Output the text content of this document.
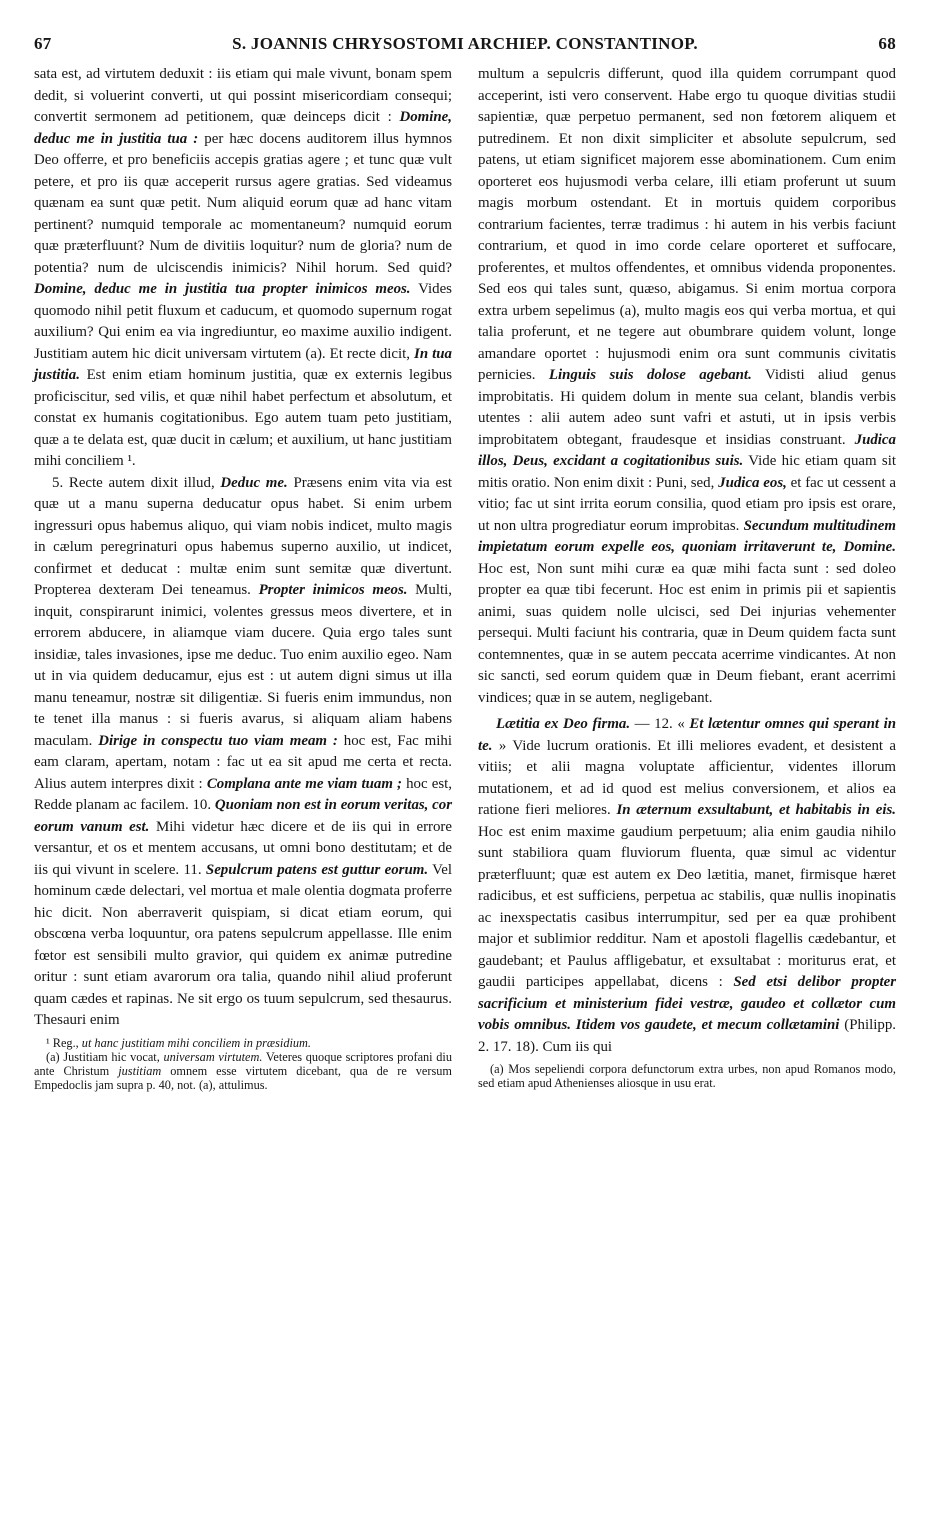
S. JOANNIS CHRYSOSTOMI ARCHIEP. CONSTANTINOP.
67	68

sata est, ad virtutem deduxit : iis etiam qui male vivunt, bonam spem dedit, si voluerint converti, ut qui possint misericordiam consequi; convertit sermonem ad petitionem, quæ deinceps dicit : Domine, deduc me in justitia tua : per hæc docens auditorem illus hymnos Deo offerre, et pro beneficiis accepis gratias agere ; et tunc quæ vult petere, et pro iis quæ acceperit rursus agere gratias. Sed videamus quænam ea sunt quæ petit. Num aliquid eorum quæ ad hanc vitam pertinent? numquid temporale ac momentaneum? numquid eorum quæ præterfluunt? Num de divitiis loquitur? num de gloria? num de potentia? num de ulciscendis inimicis? Nihil horum. Sed quid? Domine, deduc me in justitia tua propter inimicos meos. Vides quomodo nihil petit fluxum et caducum, et quomodo supernum rogat auxilium? Qui enim ea via ingrediuntur, eo maxime auxilio indigent. Justitiam autem hic dicit universam virtutem (a). Et recte dicit, In tua justitia. Est enim etiam hominum justitia, quæ ex externis legibus proficiscitur, sed vilis, et quæ nihil habet perfectum et absolutum, et constat ex humanis cogitationibus. Ego autem tuam peto justitiam, quæ a te delata est, quæ ducit in cælum; et auxilium, ut hanc justitiam mihi conciliem ¹.

5. Recte autem dixit illud, Deduc me. Præsens enim vita via est quæ ut a manu superna deducatur opus habet. Si enim urbem ingressuri opus habemus aliquo, qui viam nobis indicet, multo magis in cælum peregrinaturi opus habemus superno auxilio, ut indicet, confirmet et deducat : multæ enim sunt semitæ quæ divertunt. Propterea dexteram Dei teneamus. Propter inimicos meos. Multi, inquit, conspirarunt inimici, volentes gressus meos divertere, et in errorem abducere, in aliamque viam ducere. Quia ergo tales sunt insidiæ, tales invasiones, ipse me deduc. Tuo enim auxilio egeo. Nam ut in via quidem deducamur, ejus est : ut autem digni simus ut illa manu teneamur, nostræ sit diligentiæ. Si fueris enim immundus, non te tenet illa manus : si fueris avarus, si aliquam aliam habens maculam. Dirige in conspectu tuo viam meam : hoc est, Fac mihi eam claram, apertam, notam : fac ut ea sit apud me certa et recta. Alius autem interpres dixit : Complana ante me viam tuam ; hoc est, Redde planam ac facilem. 10. Quoniam non est in eorum veritas, cor eorum vanum est. Mihi videtur hæc dicere et de iis qui in errore versantur, et os et mentem accusans, ut omni bono destitutam; et de iis qui vivunt in scelere. 11. Sepulcrum patens est guttur eorum. Vel hominum cæde delectari, vel mortua et male olentia dogmata proferre hic dicit. Non aberraverit quispiam, si dicat etiam eorum, qui obscœna verba loquuntur, ora patens sepulcrum appellasse. Ille enim fœtor est sensibili multo gravior, qui quidem ex animæ putredine oritur : sunt etiam avarorum ora talia, quando nihil aliud proferunt quam cædes et rapinas. Ne sit ergo os tuum sepulcrum, sed thesaurus. Thesauri enim

¹ Reg., ut hanc justitiam mihi conciliem in præsidium.

(a) Justitiam hic vocat, universam virtutem. Veteres quoque scriptores profani diu ante Christum justitiam omnem esse virtutem dicebant, qua de re versum Empedoclis jam supra p. 40, not. (a), attulimus.

multum a sepulcris differunt, quod illa quidem corrumpant quod acceperint, isti vero conservent. Habe ergo tu quoque divitias studii sapientiæ, quæ perpetuo permanent, sed non fœtorem aliquem et putredinem. Et non dixit simpliciter et absolute sepulcrum, sed patens, ut etiam significet majorem esse abominationem. Cum enim oporteret eos hujusmodi verba celare, illi etiam proferunt ut suum magis morbum ostendant. Et in mortuis quidem corporibus contrarium facientes, terræ tradimus : hi autem in his verbis faciunt contrarium, et quod in imo corde celare oporteret et suffocare, proferentes, et multos offendentes, et omnibus videnda proponentes. Sed eos qui tales sunt, quæso, abigamus. Si enim mortua corpora extra urbem sepelimus (a), multo magis eos qui verba mortua, et qui talia proferunt, et ne tegere aut obumbrare quidem volunt, longe amandare oportet : hujusmodi enim ora sunt communis civitatis pernicies. Linguis suis dolose agebant. Vidisti aliud genus improbitatis. Hi quidem dolum in mente sua celant, blandis verbis utentes : alii autem adeo sunt vafri et astuti, ut in ipsis verbis improbitatem obtegant, fraudesque et insidias construant. Judica illos, Deus, excidant a cogitationibus suis. Vide hic etiam quam sit mitis oratio. Non enim dixit : Puni, sed, Judica eos, et fac ut cessent a vitio; fac ut sint irrita eorum consilia, quod etiam pro ipsis est orare, ut non ultra progrediatur eorum improbitas. Secundum multitudinem impietatum eorum expelle eos, quoniam irritaverunt te, Domine. Hoc est, Non sunt mihi curæ ea quæ mihi facta sunt : sed doleo propter ea quæ tibi fecerunt. Hoc est enim in primis pii et sapientis animi, suas quidem nolle ulcisci, sed Dei injurias vehementer persequi. Multi faciunt his contraria, quæ in Deum quidem facta sunt contemnentes, quæ in se autem peccata acerrime vindicantes. At non sic sancti, sed eorum quidem quæ in Deum fiebant, erant acerrimi vindices; quæ in se autem, negligebant.

Lætitia ex Deo firma. — 12. « Et lætentur omnes qui sperant in te. » Vide lucrum orationis. Et illi meliores evadent, et desistent a vitiis; et alii magna voluptate afficientur, videntes illorum mutationem, et ad id quod est melius conversionem, et alios ea ratione fieri meliores. In æternum exsultabunt, et habitabis in eis. Hoc est enim maxime gaudium perpetuum; alia enim gaudia nihilo sunt stabiliora quam fluviorum fluenta, quæ simul ac videntur præterfluunt; quæ est autem ex Deo lætitia, manet, firmisque hæret radicibus, et est sufficiens, perpetua ac stabilis, quæ nullis inopinatis ac inexspectatis casibus interrumpitur, sed per ea quæ prohibent major et sublimior redditur. Nam et apostoli flagellis cædebantur, et gaudebant; et Paulus affligebatur, et exsultabat : moriturus erat, et gaudii participes appellabat, dicens : Sed etsi delibor propter sacrificium et ministerium fidei vestræ, gaudeo et collætor cum vobis omnibus. Itidem vos gaudete, et mecum collætamini (Philipp. 2. 17. 18). Cum iis qui

(a) Mos sepeliendi corpora defunctorum extra urbes, non apud Romanos modo, sed etiam apud Athenienses aliosque in usu erat.
